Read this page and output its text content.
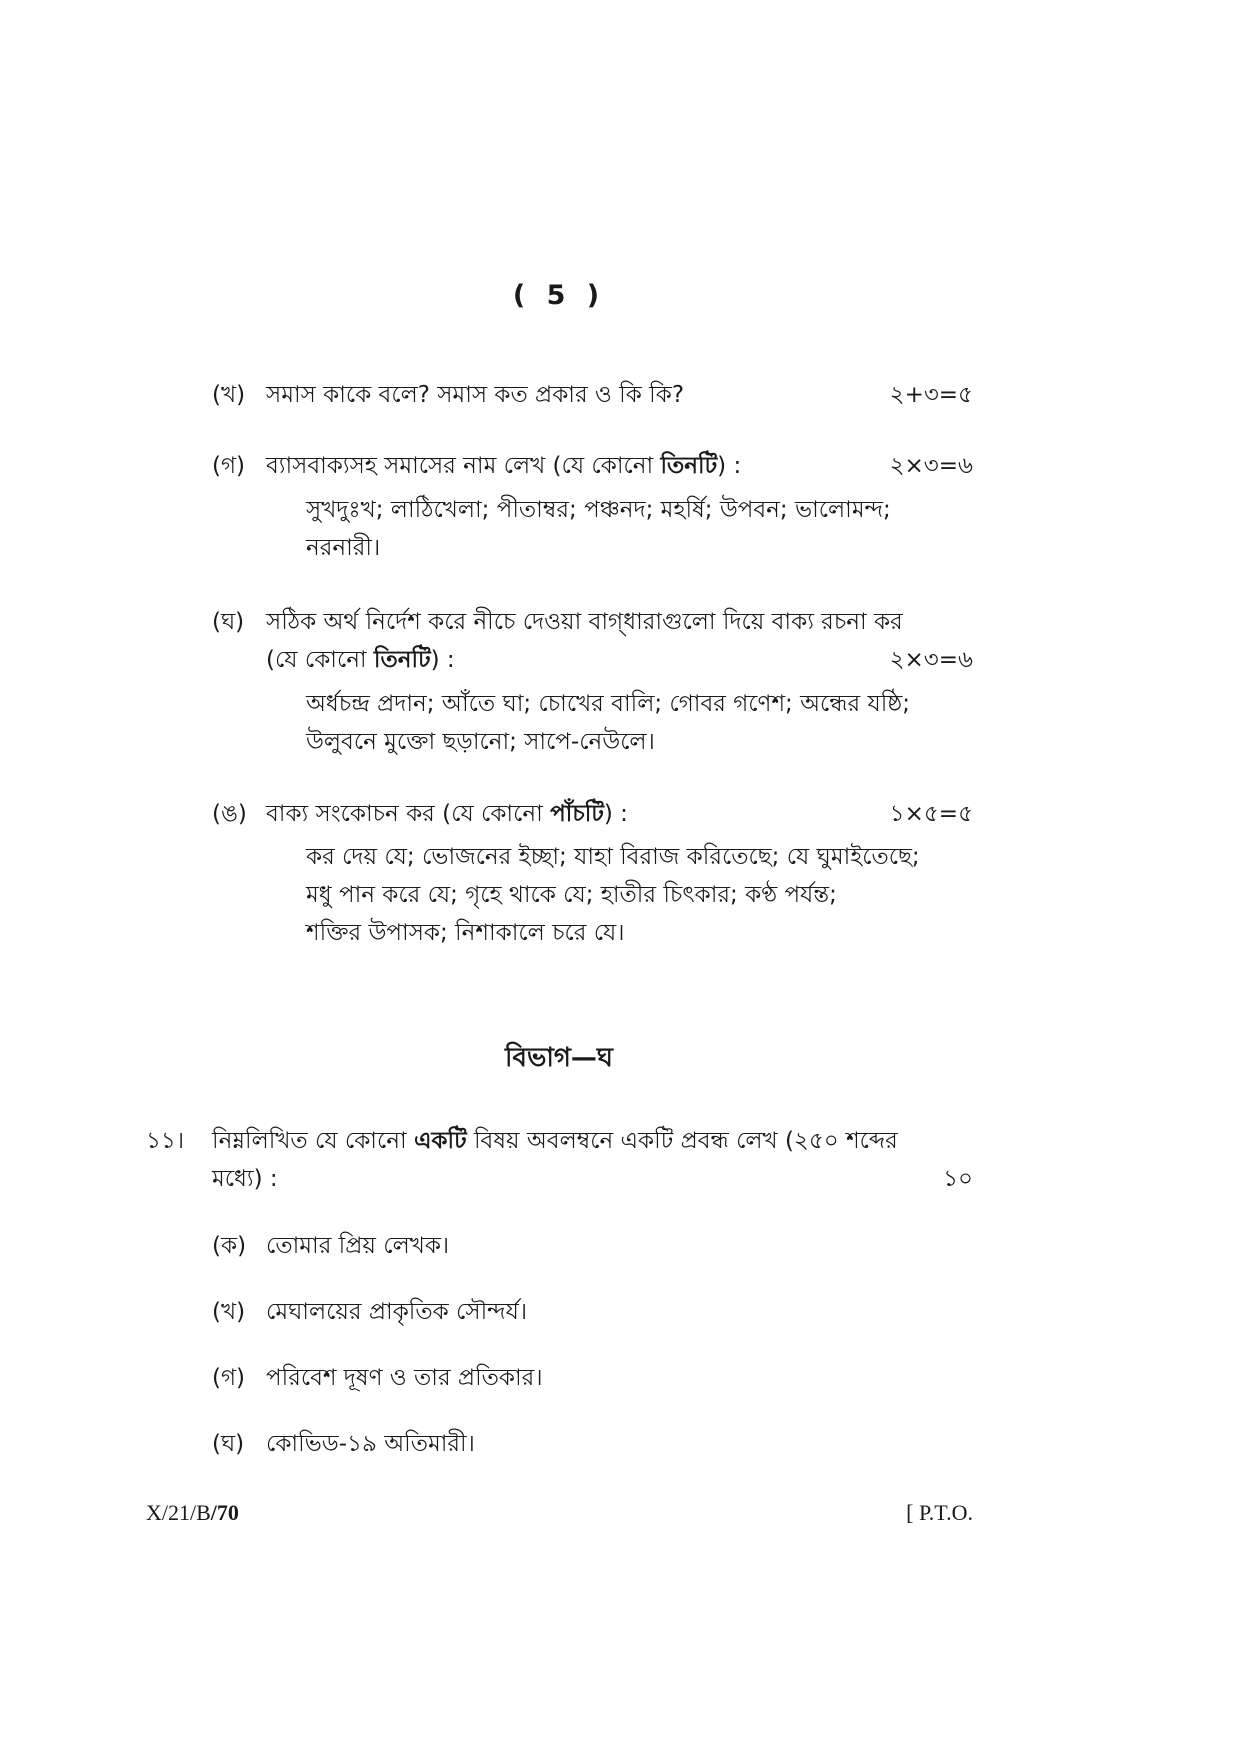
( 5 )
(খ) সমাস কাকে বলে? সমাস কত প্রকার ও কি কি?	২+৩=৫
(গ) ব্যাসবাক্যসহ সমাসের নাম লেখ (যে কোনো তিনটি) :	২×৩=৬
সুখদুঃখ; লাঠিখেলা; পীতাম্বর; পঞ্চনদ; মহর্ষি; উপবন; ভালোমন্দ;
নরনারী।
(ঘ) সঠিক অর্থ নির্দেশ করে নীচে দেওয়া বাগ্‌ধারাগুলো দিয়ে বাক্য রচনা কর
(যে কোনো তিনটি) :	২×৩=৬
অর্ধচন্দ্র প্রদান; আঁতে ঘা; চোখের বালি; গোবর গণেশ; অন্ধের যষ্ঠি;
উলুবনে মুক্তো ছড়ানো; সাপে-নেউলে।
(ঙ) বাক্য সংকোচন কর (যে কোনো পাঁচটি) :	১×৫=৫
কর দেয় যে; ভোজনের ইচ্ছা; যাহা বিরাজ করিতেছে; যে ঘুমাইতেছে;
মধু পান করে যে; গৃহে থাকে যে; হাতীর চিৎকার; কণ্ঠ পর্যন্ত;
শক্তির উপাসক; নিশাকালে চরে যে।
বিভাগ—ঘ
১১। নিম্নলিখিত যে কোনো একটি বিষয় অবলম্বনে একটি প্রবন্ধ লেখ (২৫০ শব্দের
মধ্যে) :	১০
(ক) তোমার প্রিয় লেখক।
(খ) মেঘালয়ের প্রাকৃতিক সৌন্দর্য।
(গ) পরিবেশ দূষণ ও তার প্রতিকার।
(ঘ) কোভিড-১৯ অতিমারী।
X/21/B/70	[ P.T.O.
